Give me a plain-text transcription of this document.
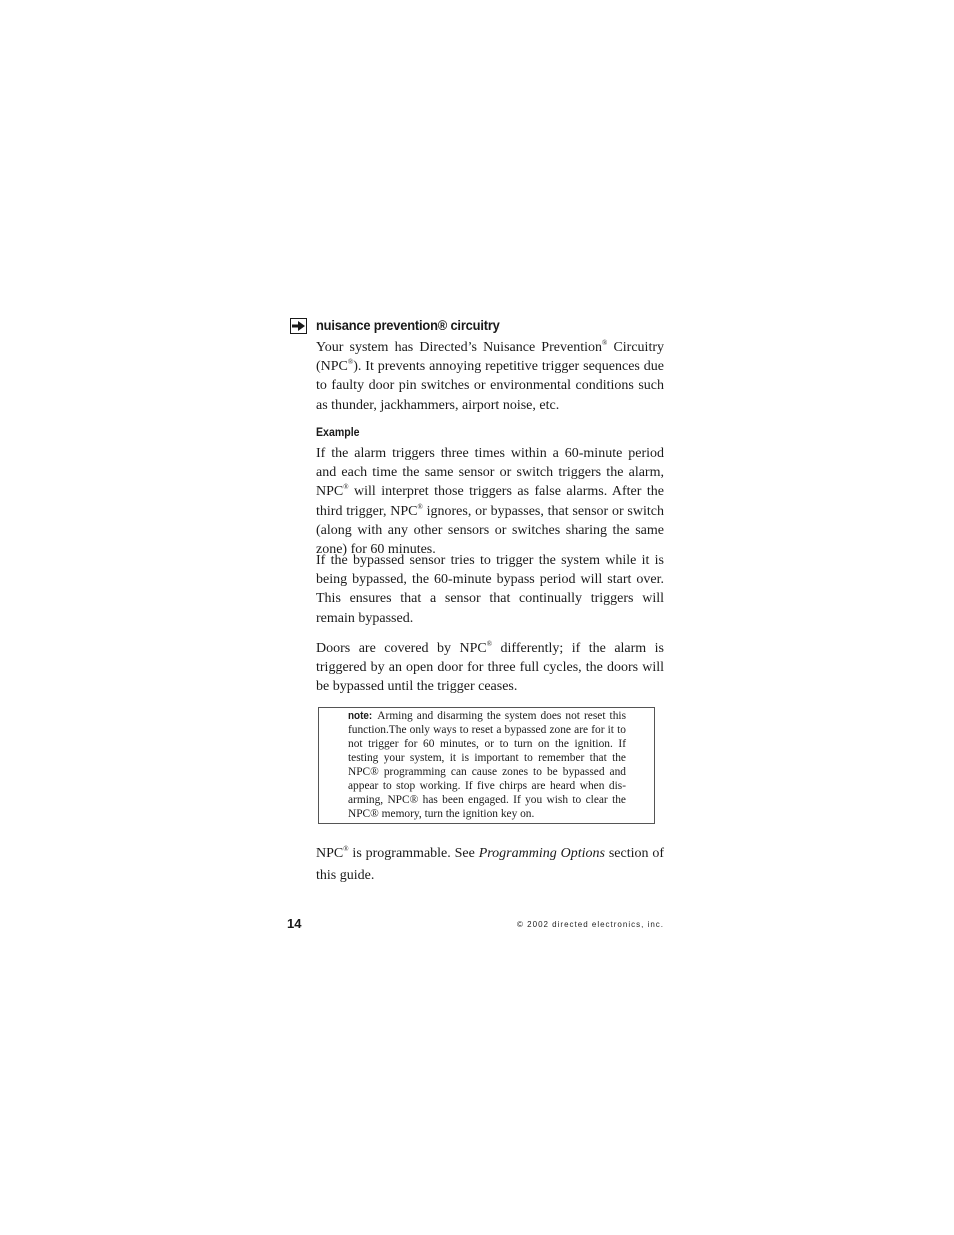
nuisance prevention® circuitry

Your system has Directed’s Nuisance Prevention® Circuitry (NPC®). It prevents annoying repetitive trigger sequences due to faulty door pin switches or environmental conditions such as thunder, jackhammers, airport noise, etc.

Example

If the alarm triggers three times within a 60-minute period and each time the same sensor or switch triggers the alarm, NPC® will interpret those triggers as false alarms. After the third trigger, NPC® ignores, or bypasses, that sensor or switch (along with any other sensors or switches sharing the same zone) for 60 minutes.

If the bypassed sensor tries to trigger the system while it is being bypassed, the 60-minute bypass period will start over. This ensures that a sensor that continually triggers will remain bypassed.

Doors are covered by NPC® differently; if the alarm is triggered by an open door for three full cycles, the doors will be bypassed until the trigger ceases.

note: Arming and disarming the system does not reset this function.The only ways to reset a bypassed zone are for it to not trigger for 60 minutes, or to turn on the ignition. If testing your system, it is important to remember that the NPC® programming can cause zones to be bypassed and appear to stop working. If five chirps are heard when dis-arming, NPC® has been engaged. If you wish to clear the NPC® memory, turn the ignition key on.

NPC® is programmable. See Programming Options section of this guide.

14	© 2002 directed electronics, inc.
